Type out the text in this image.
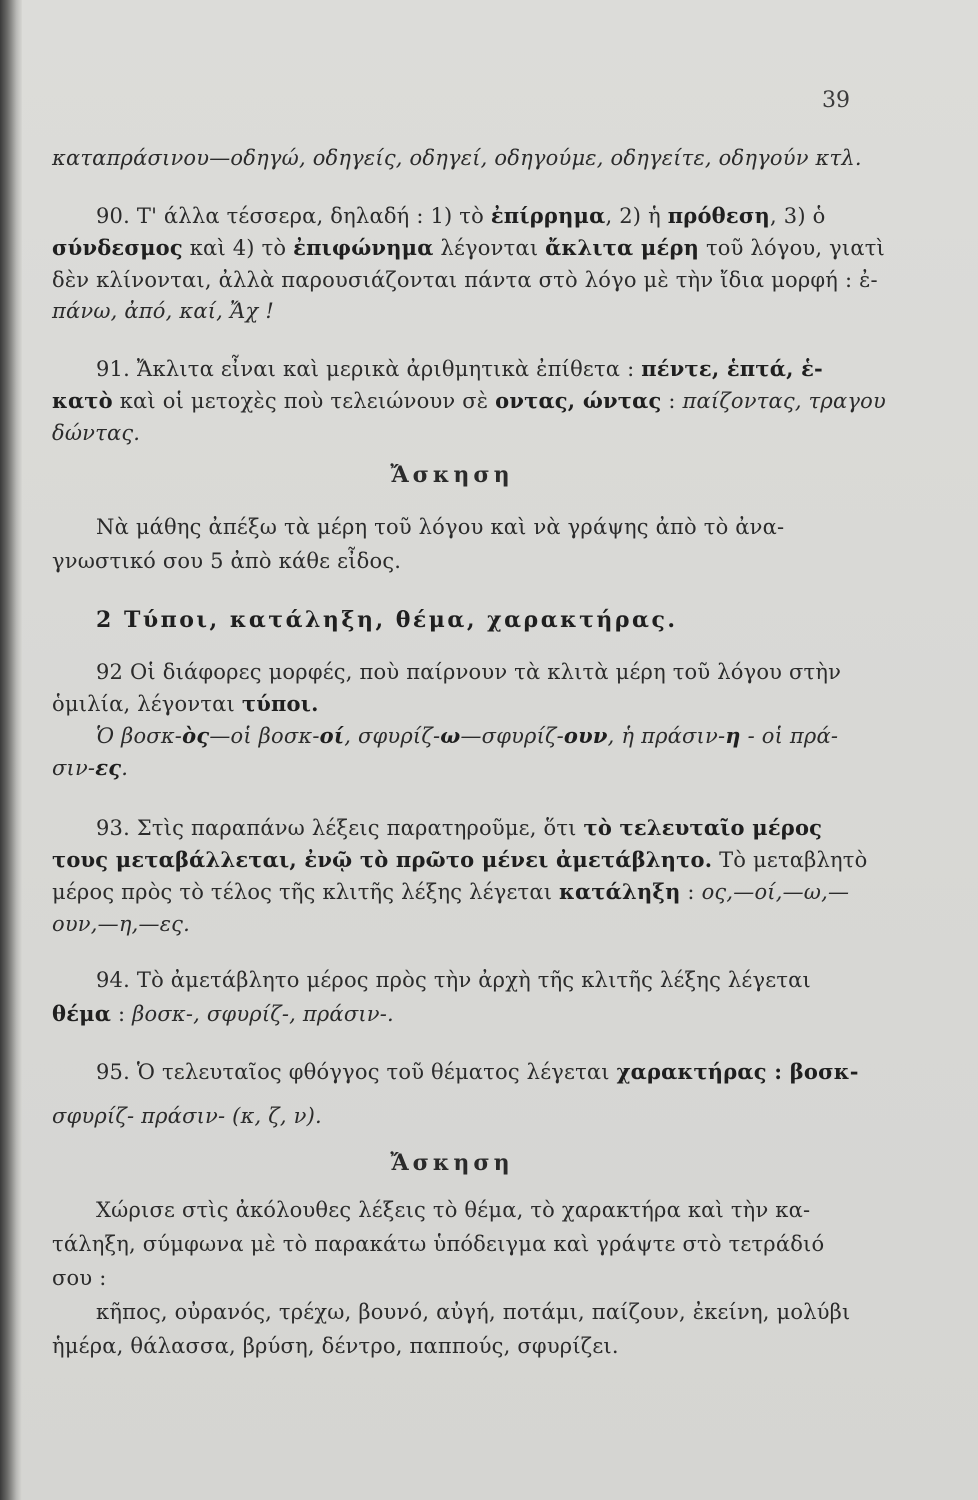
39
καταπράσινου—οδηγώ, οδηγείς, οδηγεί, οδηγούμε, οδηγείτε, οδηγούν κτλ.
90. Τ' άλλα τέσσερα, δηλαδή : 1) τὸ ἐπίρρημα, 2) ἡ πρόθεση, 3) ὁ
σύνδεσμος καὶ 4) τὸ ἐπιφώνημα λέγονται ἄκλιτα μέρη τοῦ λόγου, γιατὶ
δὲν κλίνονται, ἀλλὰ παρουσιάζονται πάντα στὸ λόγο μὲ τὴν ἴδια μορφή : ἐ-
πάνω, ἀπό, καί, Ἄχ !
91. Ἄκλιτα εἶναι καὶ μερικὰ ἀριθμητικὰ ἐπίθετα : πέντε, ἑπτά, ἑ-
κατὸ καὶ οἱ μετοχὲς ποὺ τελειώνουν σὲ οντας, ώντας : παίζοντας, τραγου
δώντας.
Ἄσκηση
Νὰ μάθης ἀπέξω τὰ μέρη τοῦ λόγου καὶ νὰ γράψης ἀπὸ τὸ ἀνα-
γνωστικό σου 5 ἀπὸ κάθε εἶδος.
2 Τύποι, κατάληξη, θέμα, χαρακτήρας.
92 Οἱ διάφορες μορφές, ποὺ παίρνουν τὰ κλιτὰ μέρη τοῦ λόγου στὴν
ὁμιλία, λέγονται τύποι.
Ὁ βοσκ-ὸς—οἱ βοσκ-οί, σφυρίζ-ω—σφυρίζ-ουν, ἡ πράσιν-η - οἱ πρά-
σιν-ες.
93. Στὶς παραπάνω λέξεις παρατηροῦμε, ὅτι τὸ τελευταῖο μέρος
τους μεταβάλλεται, ἐνῷ τὸ πρῶτο μένει ἀμετάβλητο. Τὸ μεταβλητὸ
μέρος πρὸς τὸ τέλος τῆς κλιτῆς λέξης λέγεται κατάληξη : ος,—οί,—ω,—
ουν,—η,—ες.
94. Τὸ ἀμετάβλητο μέρος πρὸς τὴν ἀρχὴ τῆς κλιτῆς λέξης λέγεται
θέμα : βοσκ-, σφυρίζ-, πράσιν-.
95. Ὁ τελευταῖος φθόγγος τοῦ θέματος λέγεται χαρακτήρας : βοσκ-
σφυρίζ- πράσιν- (κ, ζ, ν).
Ἄσκηση
Χώρισε στὶς ἀκόλουθες λέξεις τὸ θέμα, τὸ χαρακτήρα καὶ τὴν κα-
τάληξη, σύμφωνα μὲ τὸ παρακάτω ὑπόδειγμα καὶ γράψτε στὸ τετράδιό
σου :
κῆπος, οὐρανός, τρέχω, βουνό, αὐγή, ποτάμι, παίζουν, ἐκείνη, μολύβι
ἡμέρα, θάλασσα, βρύση, δέντρο, παππούς, σφυρίζει.
